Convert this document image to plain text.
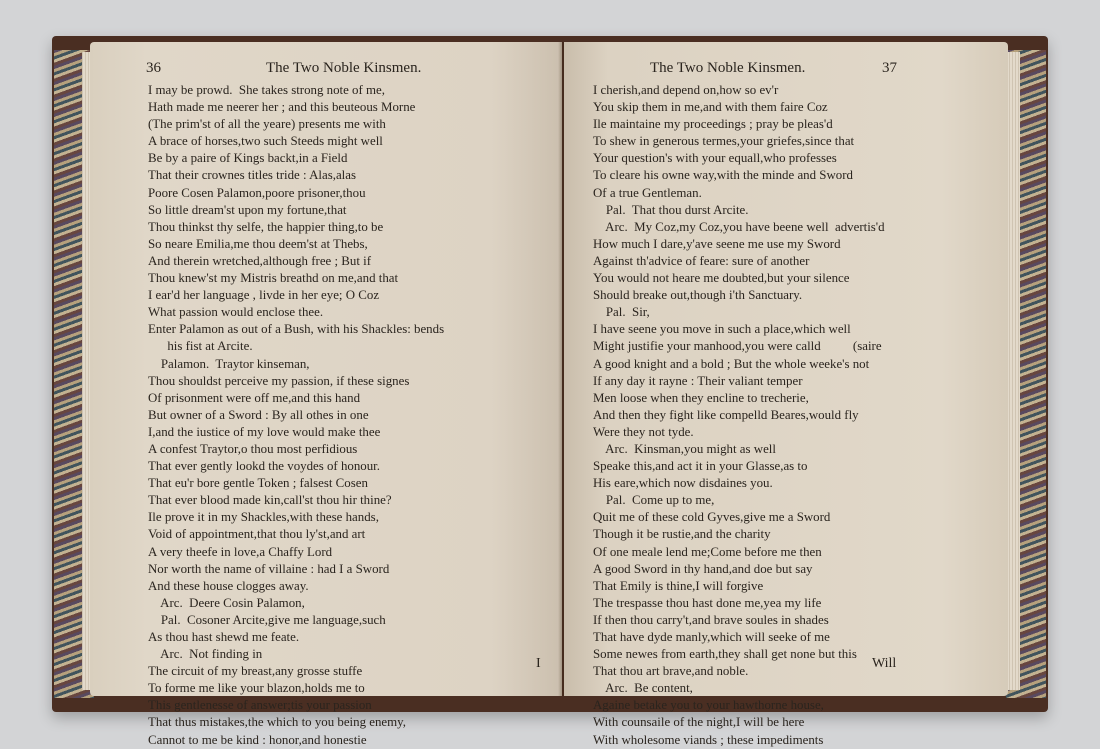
36	The Two Noble Kinsmen.
I may be prowd.  She takes strong note of me,
Hath made me neerer her ; and this beuteous Morne
(The prim'st of all the yeare) presents me with
A brace of horses,two such Steeds might well
Be by a paire of Kings backt,in a Field
That their crownes titles tride : Alas,alas
Poore Cosen Palamon,poore prisoner,thou
So little dream'st upon my fortune,that
Thou thinkst thy selfe, the happier thing,to be
So neare Emilia,me thou deem'st at Thebs,
And therein wretched,although free ; But if
Thou knew'st my Mistris breathd on me,and that
I ear'd her language , livde in her eye; O Coz
What passion would enclose thee.
Enter Palamon as out of a Bush, with his Shackles: bends
his fist at Arcite.
Palamon.  Traytor kinseman,
Thou shouldst perceive my passion, if these signes
Of prisonment were off me,and this hand
But owner of a Sword : By all othes in one
I,and the iustice of my love would make thee
A confest Traytor,o thou most perfidious
That ever gently lookd the voydes of honour.
That eu'r bore gentle Token ; falsest Cosen
That ever blood made kin,call'st thou hir thine?
Ile prove it in my Shackles,with these hands,
Void of appointment,that thou ly'st,and art
A very theefe in love,a Chaffy Lord
Nor worth the name of villaine : had I a Sword
And these house clogges away.
Arc.  Deere Cosin Palamon,
Pal.  Cosoner Arcite,give me language,such
As thou hast shewd me feate.
Arc.  Not finding in
The circuit of my breast,any grosse stuffe
To forme me like your blazon,holds me to
This gentlenesse of answer;tis your passion
That thus mistakes,the which to you being enemy,
Cannot to me be kind : honor,and honestie
I
The Two Noble Kinsmen.	37
I cherish,and depend on,how so ev'r
You skip them in me,and with them faire Coz
Ile maintaine my proceedings ; pray be pleas'd
To shew in generous termes,your griefes,since that
Your question's with your equall,who professes
To cleare his owne way,with the minde and Sword
Of a true Gentleman.
Pal.  That thou durst Arcite.
Arc.  My Coz,my Coz,you have beene well  advertis'd
How much I dare,y'ave seene me use my Sword
Against th'advice of feare: sure of another
You would not heare me doubted,but your silence
Should breake out,though i'th Sanctuary.
Pal.  Sir,
I have seene you move in such a place,which well
Might justifie your manhood,you were calld          (saire
A good knight and a bold ; But the whole weeke's not
If any day it rayne : Their valiant temper
Men loose when they encline to trecherie,
And then they fight like compelld Beares,would fly
Were they not tyde.
Arc.  Kinsman,you might as well
Speake this,and act it in your Glasse,as to
His eare,which now disdaines you.
Pal.  Come up to me,
Quit me of these cold Gyves,give me a Sword
Though it be rustie,and the charity
Of one meale lend me;Come before me then
A good Sword in thy hand,and doe but say
That Emily is thine,I will forgive
The trespasse thou hast done me,yea my life
If then thou carry't,and brave soules in shades
That have dyde manly,which will seeke of me
Some newes from earth,they shall get none but this
That thou art brave,and noble.
Arc.  Be content,
Againe betake you to your hawthorne house,
With counsaile of the night,I will be here
With wholesome viands ; these impediments
Will
